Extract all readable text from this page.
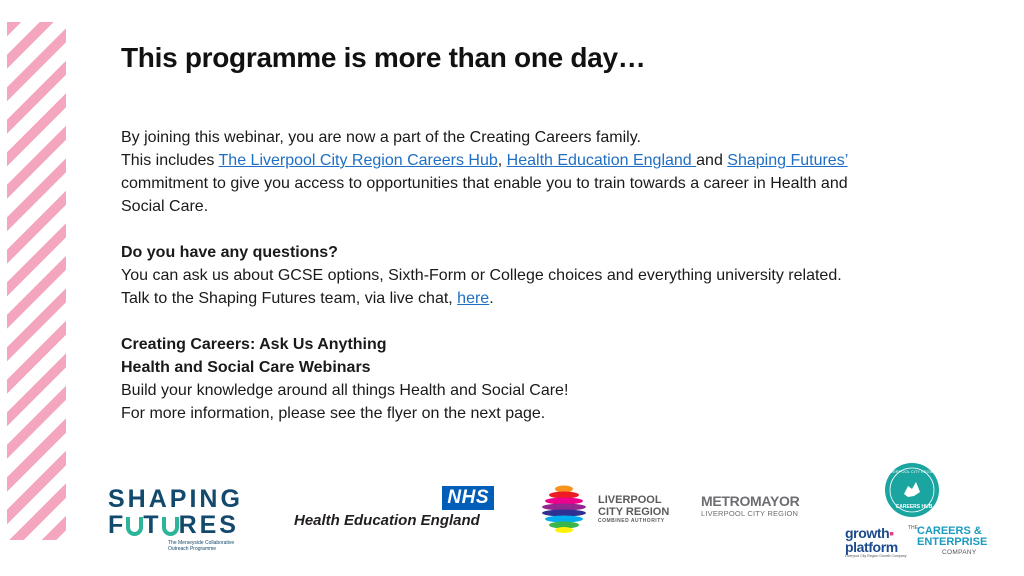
This programme is more than one day…

By joining this webinar, you are now a part of the Creating Careers family.
This includes The Liverpool City Region Careers Hub, Health Education England and Shaping Futures’ commitment to give you access to opportunities that enable you to train towards a career in Health and Social Care.

Do you have any questions?
You can ask us about GCSE options, Sixth-Form or College choices and everything university related. Talk to the Shaping Futures team, via live chat, here.

Creating Careers: Ask Us Anything
Health and Social Care Webinars
Build your knowledge around all things Health and Social Care!
For more information, please see the flyer on the next page.

SHAPING
F T RES
The Merseyside Collaborative Outreach Programme
NHS
Health Education England
LIVERPOOL
CITY REGION
COMBINED AUTHORITY
METROMAYOR
LIVERPOOL CITY REGION
LIVERPOOL CITY REGION
CAREERS HUB
growth▪
platform
Liverpool City Region Growth Company
THE CAREERS &
ENTERPRISE
COMPANY
